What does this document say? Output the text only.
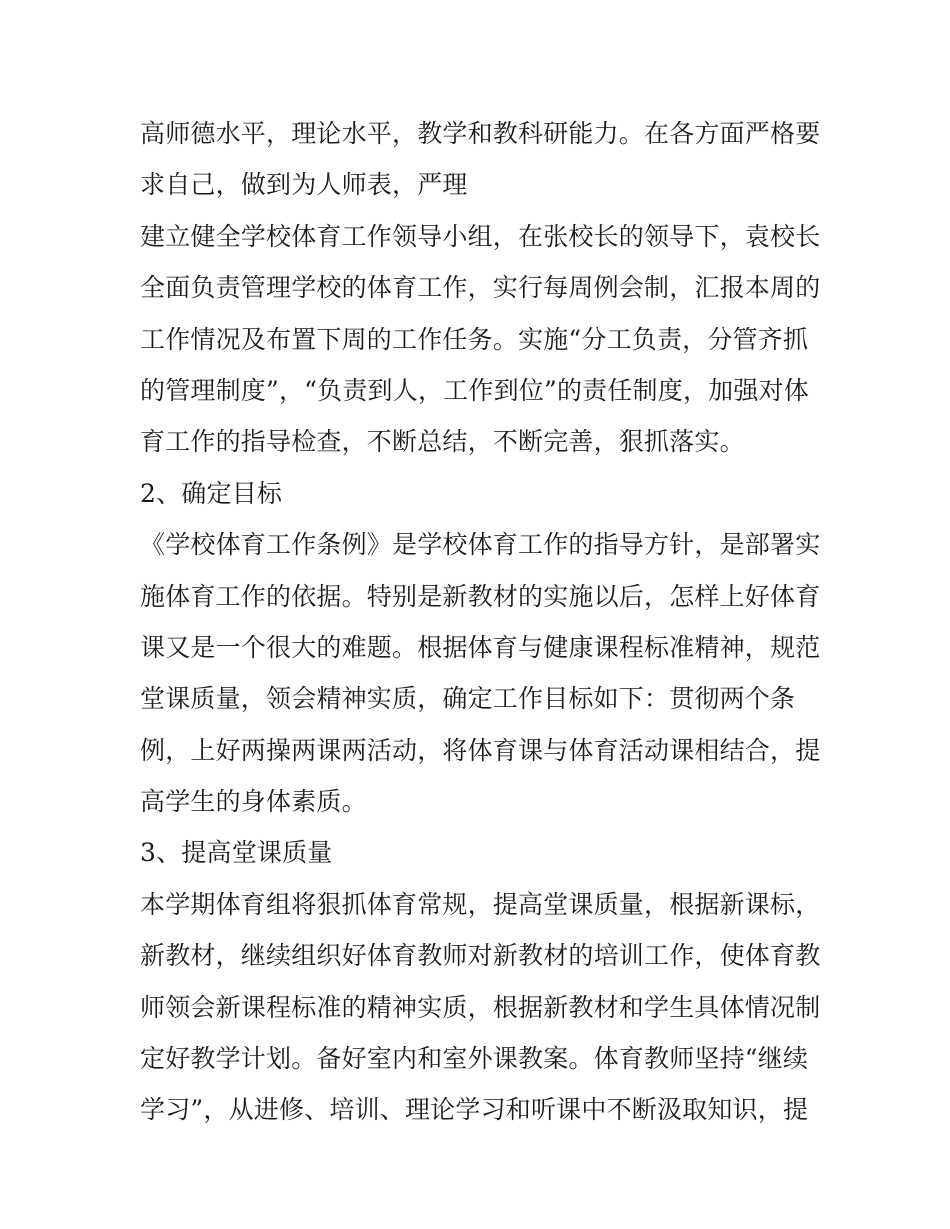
高师德水平，理论水平，教学和教科研能力。在各方面严格要
求自己，做到为人师表，严理
建立健全学校体育工作领导小组，在张校长的领导下，袁校长
全面负责管理学校的体育工作，实行每周例会制，汇报本周的
工作情况及布置下周的工作任务。实施“分工负责，分管齐抓
的管理制度”，“负责到人，工作到位”的责任制度，加强对体
育工作的指导检查，不断总结，不断完善，狠抓落实。
2、确定目标
《学校体育工作条例》是学校体育工作的指导方针，是部署实
施体育工作的依据。特别是新教材的实施以后，怎样上好体育
课又是一个很大的难题。根据体育与健康课程标准精神，规范
堂课质量，领会精神实质，确定工作目标如下：贯彻两个条
例，上好两操两课两活动，将体育课与体育活动课相结合，提
高学生的身体素质。
3、提高堂课质量
本学期体育组将狠抓体育常规，提高堂课质量，根据新课标，
新教材，继续组织好体育教师对新教材的培训工作，使体育教
师领会新课程标准的精神实质，根据新教材和学生具体情况制
定好教学计划。备好室内和室外课教案。体育教师坚持“继续
学习”，从进修、培训、理论学习和听课中不断汲取知识，提
